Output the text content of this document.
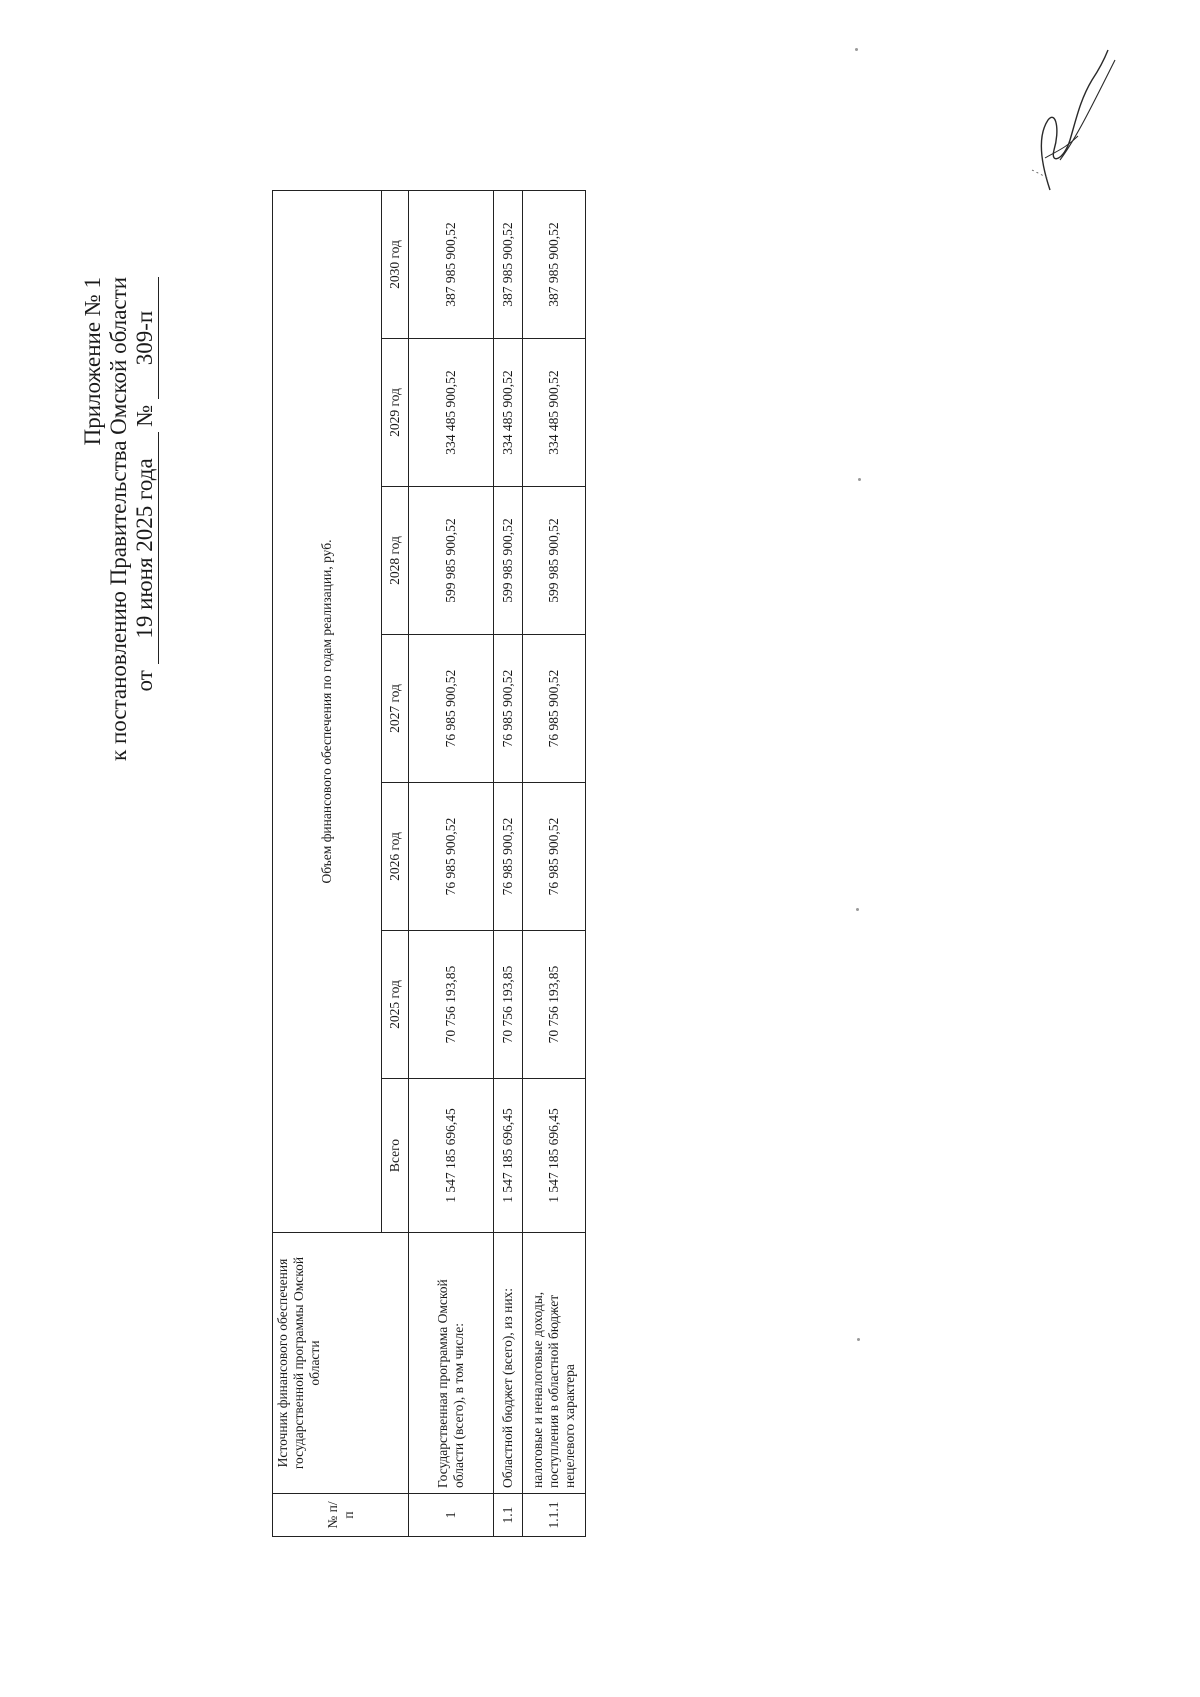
Приложение № 1 к постановлению Правительства Омской области от 19 июня 2025 года № 309-п
№ п/п	Источник финансового обеспечения государственной программы Омской области	Объем финансового обеспечения по годам реализации, руб.						
		Всего	2025 год	2026 год	2027 год	2028 год	2029 год	2030 год
1	Государственная программа Омской области (всего), в том числе:	1 547 185 696,45	70 756 193,85	76 985 900,52	76 985 900,52	599 985 900,52	334 485 900,52	387 985 900,52
1.1	Областной бюджет (всего), из них:	1 547 185 696,45	70 756 193,85	76 985 900,52	76 985 900,52	599 985 900,52	334 485 900,52	387 985 900,52
1.1.1	налоговые и неналоговые доходы, поступления в областной бюджет нецелевого характера	1 547 185 696,45	70 756 193,85	76 985 900,52	76 985 900,52	599 985 900,52	334 485 900,52	387 985 900,52
